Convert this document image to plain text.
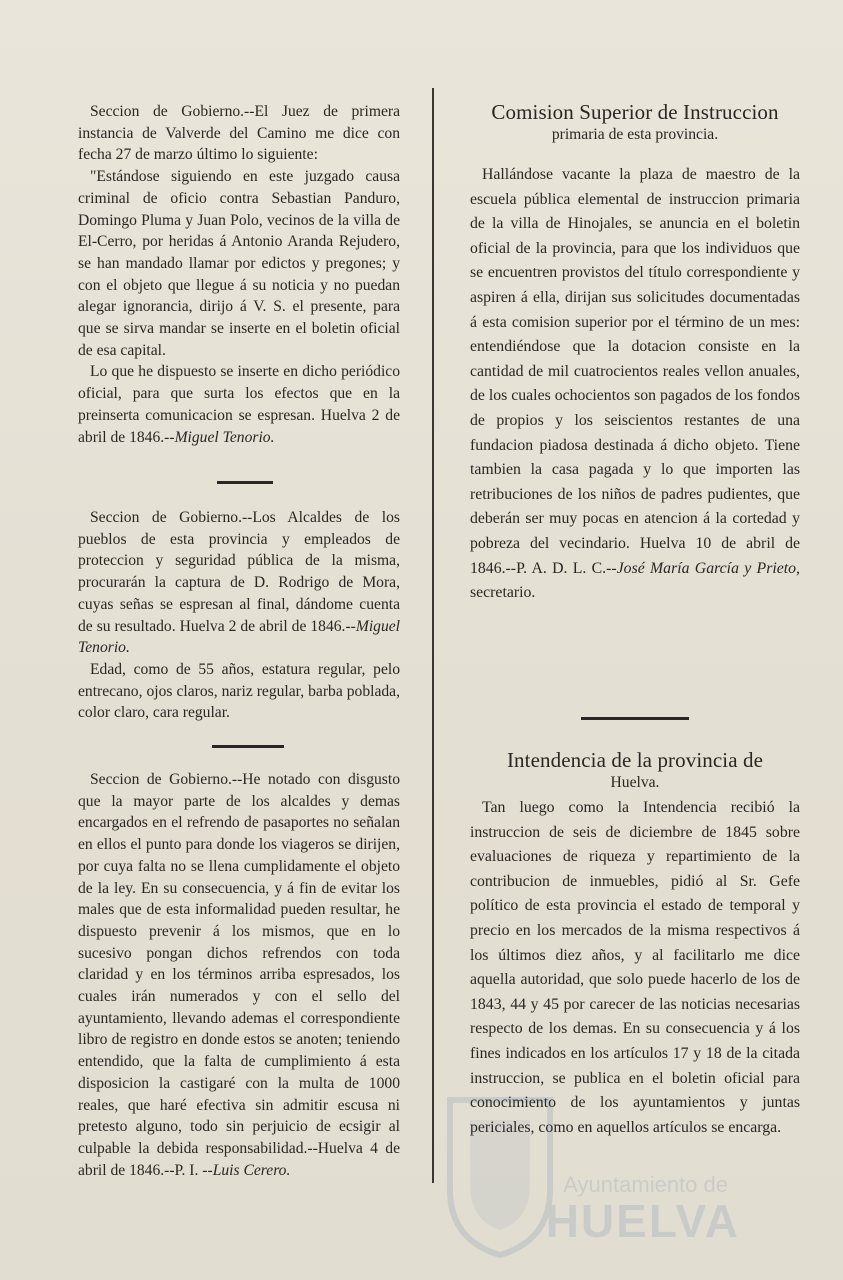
Seccion de Gobierno.--El Juez de primera instancia de Valverde del Camino me dice con fecha 27 de marzo último lo siguiente:

"Estándose siguiendo en este juzgado causa criminal de oficio contra Sebastian Panduro, Domingo Pluma y Juan Polo, vecinos de la villa de El-Cerro, por heridas á Antonio Aranda Rejudero, se han mandado llamar por edictos y pregones; y con el objeto que llegue á su noticia y no puedan alegar ignorancia, dirijo á V. S. el presente, para que se sirva mandar se inserte en el boletin oficial de esa capital.

Lo que he dispuesto se inserte en dicho periódico oficial, para que surta los efectos que en la preinserta comunicacion se espresan. Huelva 2 de abril de 1846.--Miguel Tenorio.

Seccion de Gobierno.--Los Alcaldes de los pueblos de esta provincia y empleados de proteccion y seguridad pública de la misma, procurarán la captura de D. Rodrigo de Mora, cuyas señas se espresan al final, dándome cuenta de su resultado. Huelva 2 de abril de 1846.--Miguel Tenorio.

Edad, como de 55 años, estatura regular, pelo entrecano, ojos claros, nariz regular, barba poblada, color claro, cara regular.

Seccion de Gobierno.--He notado con disgusto que la mayor parte de los alcaldes y demas encargados en el refrendo de pasaportes no señalan en ellos el punto para donde los viageros se dirijen, por cuya falta no se llena cumplidamente el objeto de la ley. En su consecuencia, y á fin de evitar los males que de esta informalidad pueden resultar, he dispuesto prevenir á los mismos, que en lo sucesivo pongan dichos refrendos con toda claridad y en los términos arriba espresados, los cuales irán numerados y con el sello del ayuntamiento, llevando ademas el correspondiente libro de registro en donde estos se anoten; teniendo entendido, que la falta de cumplimiento á esta disposicion la castigaré con la multa de 1000 reales, que haré efectiva sin admitir escusa ni pretesto alguno, todo sin perjuicio de ecsigir al culpable la debida responsabilidad.--Huelva 4 de abril de 1846.--P. I. --Luis Cerero.

Comision Superior de Instruccion
primaria de esta provincia.

Hallándose vacante la plaza de maestro de la escuela pública elemental de instruccion primaria de la villa de Hinojales, se anuncia en el boletin oficial de la provincia, para que los individuos que se encuentren provistos del título correspondiente y aspiren á ella, dirijan sus solicitudes documentadas á esta comision superior por el término de un mes: entendiéndose que la dotacion consiste en la cantidad de mil cuatrocientos reales vellon anuales, de los cuales ochocientos son pagados de los fondos de propios y los seiscientos restantes de una fundacion piadosa destinada á dicho objeto. Tiene tambien la casa pagada y lo que importen las retribuciones de los niños de padres pudientes, que deberán ser muy pocas en atencion á la cortedad y pobreza del vecindario. Huelva 10 de abril de 1846.--P. A. D. L. C.--José María García y Prieto, secretario.

Intendencia de la provincia de
Huelva.

Tan luego como la Intendencia recibió la instruccion de seis de diciembre de 1845 sobre evaluaciones de riqueza y repartimiento de la contribucion de inmuebles, pidió al Sr. Gefe político de esta provincia el estado de temporal y precio en los mercados de la misma respectivos á los últimos diez años, y al facilitarlo me dice aquella autoridad, que solo puede hacerlo de los de 1843, 44 y 45 por carecer de las noticias necesarias respecto de los demas. En su consecuencia y á los fines indicados en los artículos 17 y 18 de la citada instruccion, se publica en el boletin oficial para conocimiento de los ayuntamientos y juntas periciales, como en aquellos artículos se encarga.

Ayuntamiento de
HUELVA
